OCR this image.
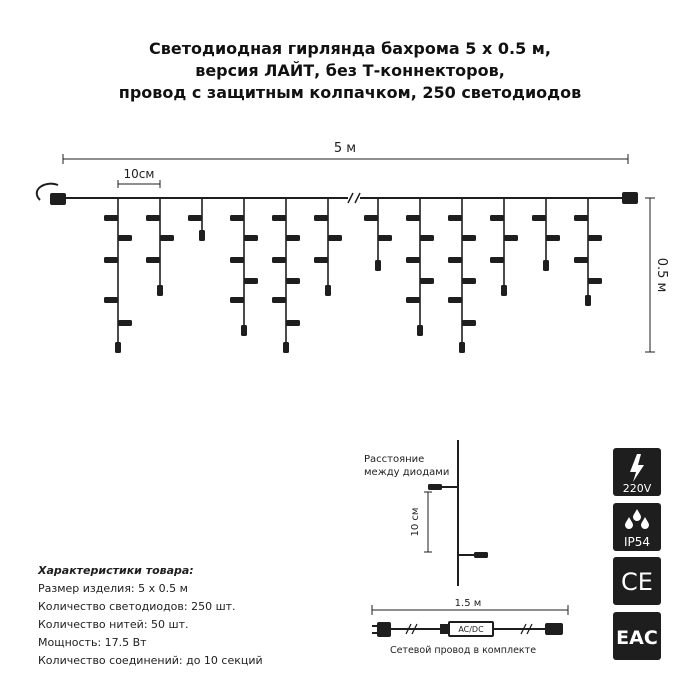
Светодиодная гирлянда бахрома 5 х 0.5 м,
версия ЛАЙТ, без Т-коннекторов,
провод с защитным колпачком, 250 светодиодов
5 м
10см
0.5 м
Расстояние
между диодами
10 см
1.5 м
AC/DC
Сетевой провод в комплекте
Характеристики товара:
Размер изделия: 5 х 0.5 м
Количество светодиодов: 250 шт.
Количество нитей: 50 шт.
Мощность: 17.5 Вт
Количество соединений: до 10 секций
220V
IP54
CE
EAC
